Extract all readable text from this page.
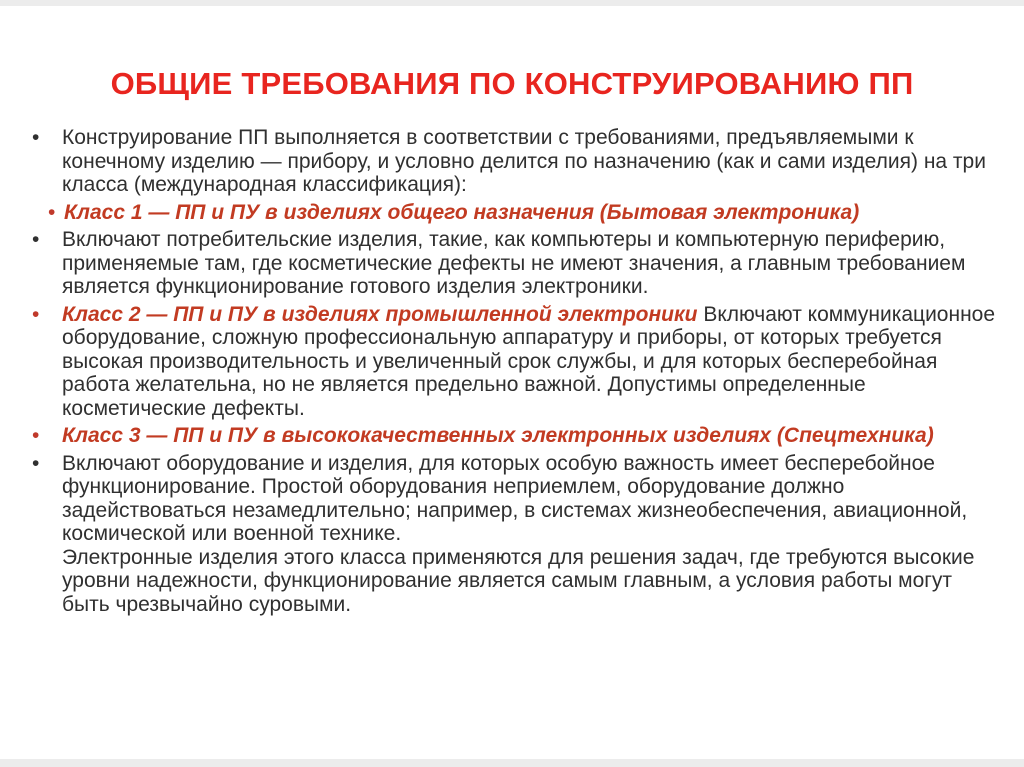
ОБЩИЕ ТРЕБОВАНИЯ ПО КОНСТРУИРОВАНИЮ ПП
• Конструирование ПП выполняется в соответствии с требованиями, предъявляемыми к конечному изделию — прибору, и условно делится по назначению (как и сами изделия) на три класса (международная классификация):
• Класс 1 — ПП и ПУ в изделиях общего назначения (Бытовая электроника)
• Включают потребительские изделия, такие, как компьютеры и компьютерную периферию, применяемые там, где косметические дефекты не имеют значения, а главным требованием является функционирование готового изделия электроники.
• Класс 2 — ПП и ПУ в изделиях промышленной электроники Включают коммуникационное оборудование, сложную профессиональную аппаратуру и приборы, от которых требуется высокая производительность и увеличенный срок службы, и для которых бесперебойная работа желательна, но не является предельно важной. Допустимы определенные косметические дефекты.
• Класс 3 — ПП и ПУ в высококачественных электронных изделиях (Спецтехника)
• Включают оборудование и изделия, для которых особую важность имеет бесперебойное функционирование. Простой оборудования неприемлем, оборудование должно задействоваться незамедлительно; например, в системах жизнеобеспечения, авиационной, космической или военной технике.
Электронные изделия этого класса применяются для решения задач, где требуются высокие уровни надежности, функционирование является самым главным, а условия работы могут быть чрезвычайно суровыми.
